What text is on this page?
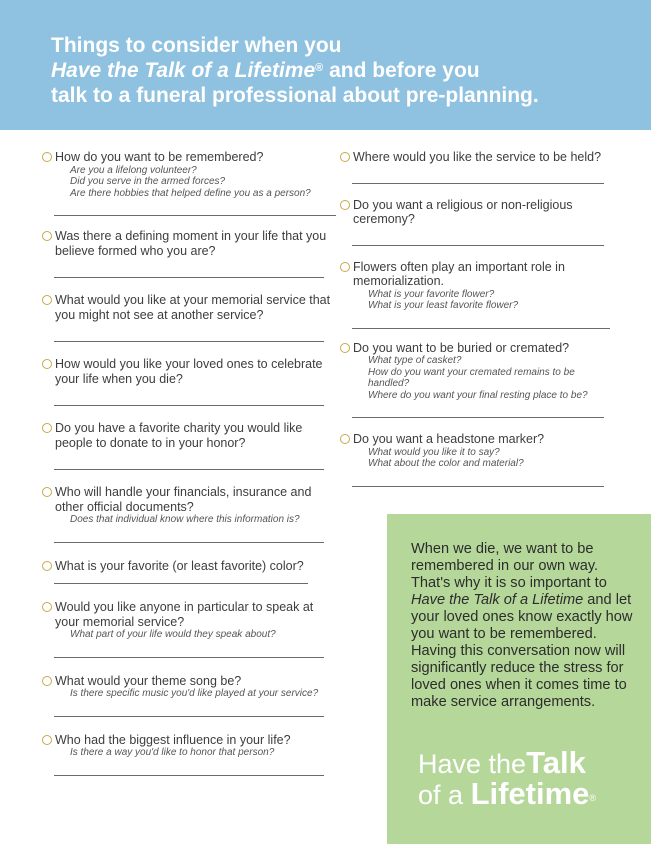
Things to consider when you
Have the Talk of a Lifetime® and before you
talk to a funeral professional about pre-planning.
How do you want to be remembered?
Are you a lifelong volunteer?
Did you serve in the armed forces?
Are there hobbies that helped define you as a person?
Was there a defining moment in your life that you believe formed who you are?
What would you like at your memorial service that you might not see at another service?
How would you like your loved ones to celebrate your life when you die?
Do you have a favorite charity you would like people to donate to in your honor?
Who will handle your financials, insurance and other official documents?
Does that individual know where this information is?
What is your favorite (or least favorite) color?
Would you like anyone in particular to speak at your memorial service?
What part of your life would they speak about?
What would your theme song be?
Is there specific music you'd like played at your service?
Who had the biggest influence in your life?
Is there a way you'd like to honor that person?
Where would you like the service to be held?
Do you want a religious or non-religious ceremony?
Flowers often play an important role in memorialization.
What is your favorite flower?
What is your least favorite flower?
Do you want to be buried or cremated?
What type of casket?
How do you want your cremated remains to be handled?
Where do you want your final resting place to be?
Do you want a headstone marker?
What would you like it to say?
What about the color and material?
When we die, we want to be remembered in our own way. That's why it is so important to Have the Talk of a Lifetime and let your loved ones know exactly how you want to be remembered.
Having this conversation now will significantly reduce the stress for loved ones when it comes time to make service arrangements.
Have theTalk
of a Lifetime®
